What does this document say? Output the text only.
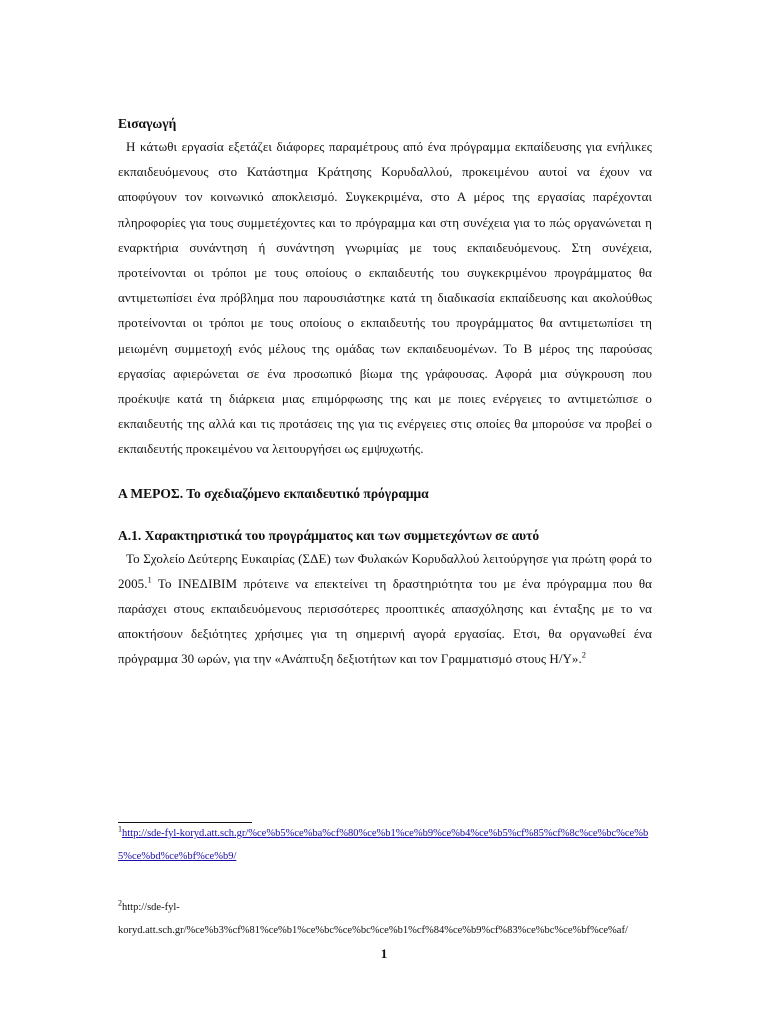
Εισαγωγή

Η κάτωθι εργασία εξετάζει διάφορες παραμέτρους από ένα πρόγραμμα εκπαίδευσης για ενήλικες εκπαιδευόμενους στο Κατάστημα Κράτησης Κορυδαλλού, προκειμένου αυτοί να έχουν να αποφύγουν τον κοινωνικό αποκλεισμό. Συγκεκριμένα, στο Α μέρος της εργασίας παρέχονται πληροφορίες για τους συμμετέχοντες και το πρόγραμμα και στη συνέχεια για το πώς οργανώνεται η εναρκτήρια συνάντηση ή συνάντηση γνωριμίας με τους εκπαιδευόμενους. Στη συνέχεια, προτείνονται οι τρόποι με τους οποίους ο εκπαιδευτής του συγκεκριμένου προγράμματος θα αντιμετωπίσει ένα πρόβλημα που παρουσιάστηκε κατά τη διαδικασία εκπαίδευσης και ακολούθως προτείνονται οι τρόποι με τους οποίους ο εκπαιδευτής του προγράμματος θα αντιμετωπίσει τη μειωμένη συμμετοχή ενός μέλους της ομάδας των εκπαιδευομένων. Το Β μέρος της παρούσας εργασίας αφιερώνεται σε ένα προσωπικό βίωμα της γράφουσας. Αφορά μια σύγκρουση που προέκυψε κατά τη διάρκεια μιας επιμόρφωσης της και με ποιες ενέργειες το αντιμετώπισε ο εκπαιδευτής της αλλά και τις προτάσεις της για τις ενέργειες στις οποίες θα μπορούσε να προβεί ο εκπαιδευτής προκειμένου να λειτουργήσει ως εμψυχωτής.

Α ΜΕΡΟΣ. Το σχεδιαζόμενο εκπαιδευτικό πρόγραμμα

Α.1. Χαρακτηριστικά του προγράμματος και των συμμετεχόντων σε αυτό

Το Σχολείο Δεύτερης Ευκαιρίας (ΣΔΕ) των Φυλακών Κορυδαλλού λειτούργησε για πρώτη φορά το 2005.$^1$ Το ΙΝΕΔΙΒΙΜ πρότεινε να επεκτείνει τη δραστηριότητα του με ένα πρόγραμμα που θα παράσχει στους εκπαιδευόμενους περισσότερες προοπτικές απασχόλησης και ένταξης με το να αποκτήσουν δεξιότητες χρήσιμες για τη σημερινή αγορά εργασίας. Ετσι, θα οργανωθεί ένα πρόγραμμα 30 ωρών, για την «Ανάπτυξη δεξιοτήτων και τον Γραμματισμό στους Η/Υ».$^2$

$^1$http://sde-fyl-koryd.att.sch.gr/%ce%b5%ce%ba%cf%80%ce%b1%ce%b9%ce%b4%ce%b5%cf%85%cf%8c%ce%bc%ce%b5%ce%bd%ce%bf%ce%b9/
$^2$http://sde-fyl-koryd.att.sch.gr/%ce%b3%cf%81%ce%b1%ce%bc%ce%bc%ce%b1%cf%84%ce%b9%cf%83%ce%bc%ce%bf%ce%af/
1
